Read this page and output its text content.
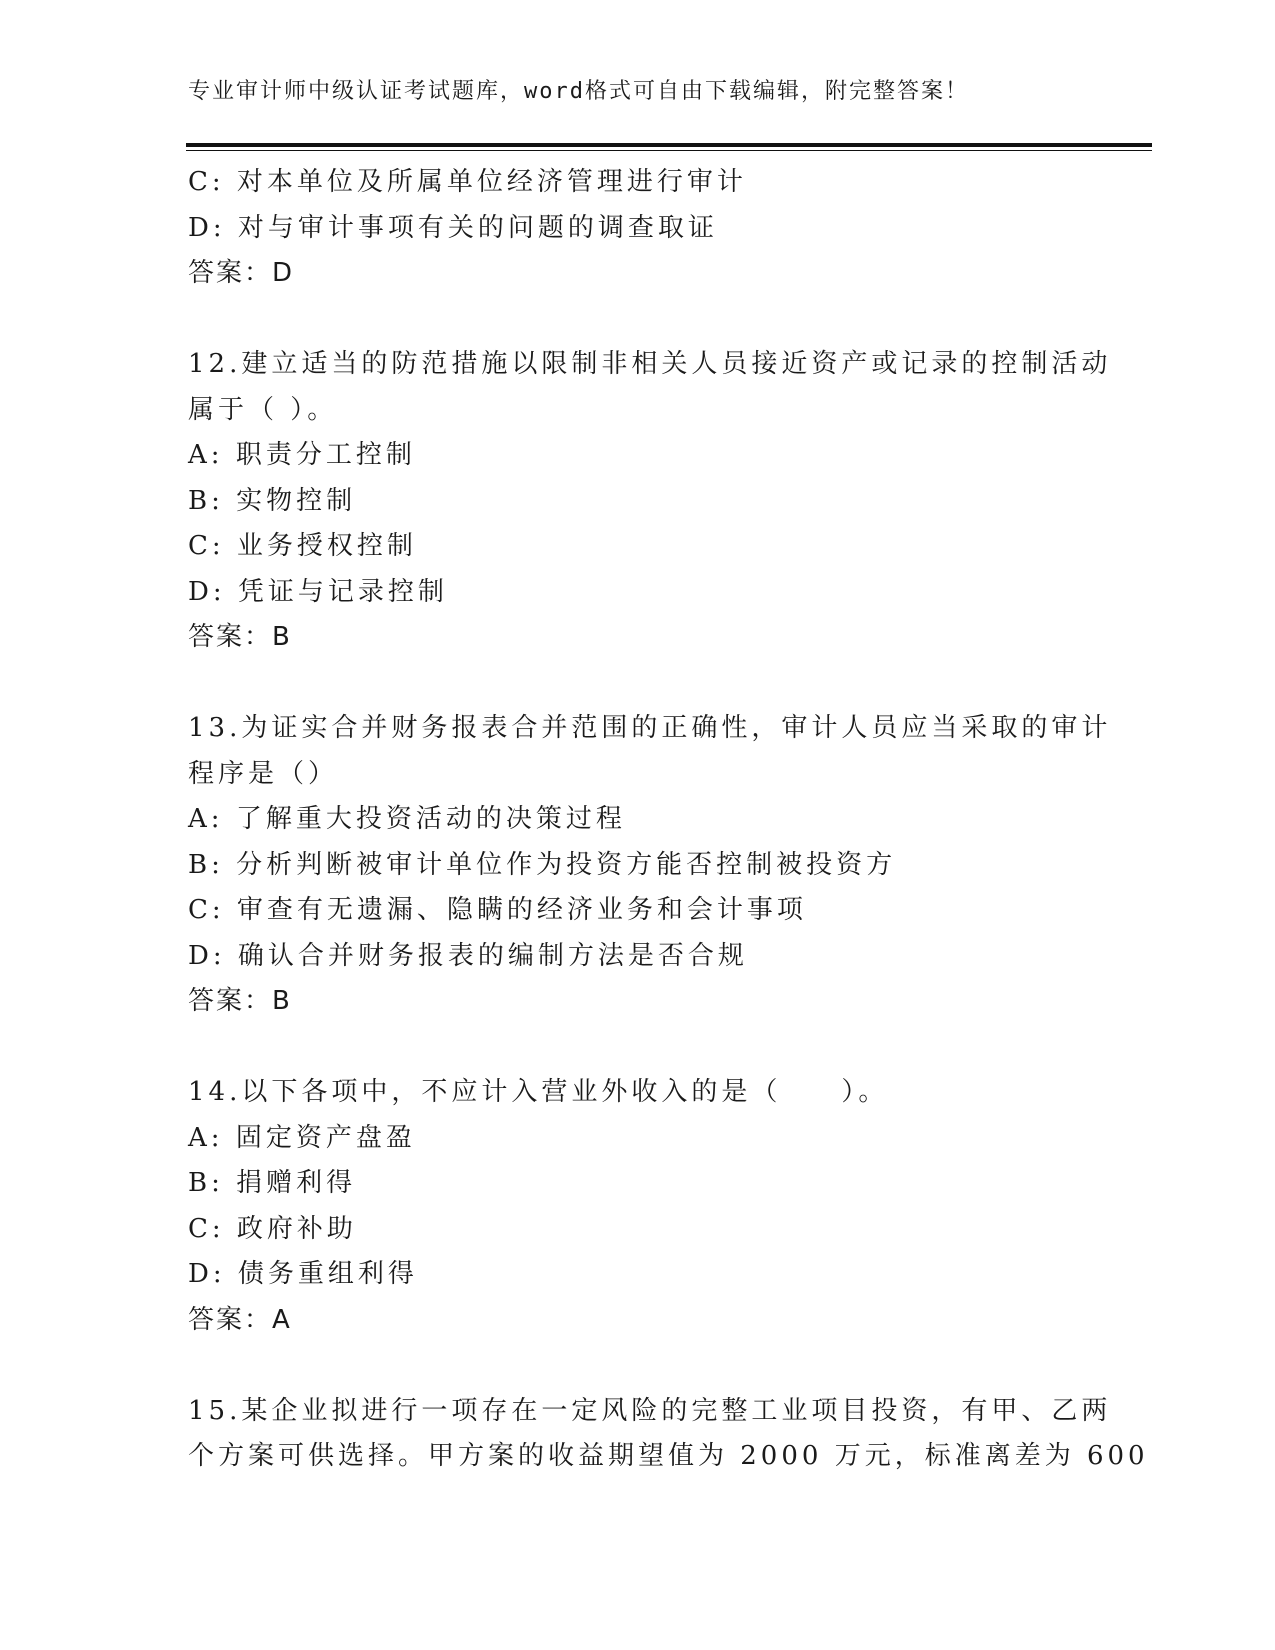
专业审计师中级认证考试题库，word格式可自由下载编辑，附完整答案！
C: 对本单位及所属单位经济管理进行审计
D: 对与审计事项有关的问题的调查取证
答案：D
12.建立适当的防范措施以限制非相关人员接近资产或记录的控制活动
属于（ ）。
A: 职责分工控制
B: 实物控制
C: 业务授权控制
D: 凭证与记录控制
答案：B
13.为证实合并财务报表合并范围的正确性，审计人员应当采取的审计
程序是（）
A: 了解重大投资活动的决策过程
B: 分析判断被审计单位作为投资方能否控制被投资方
C: 审查有无遗漏、隐瞒的经济业务和会计事项
D: 确认合并财务报表的编制方法是否合规
答案：B
14.以下各项中，不应计入营业外收入的是（　　）。
A: 固定资产盘盈
B: 捐赠利得
C: 政府补助
D: 债务重组利得
答案：A
15.某企业拟进行一项存在一定风险的完整工业项目投资，有甲、乙两
个方案可供选择。甲方案的收益期望值为 2000 万元，标准离差为 600
